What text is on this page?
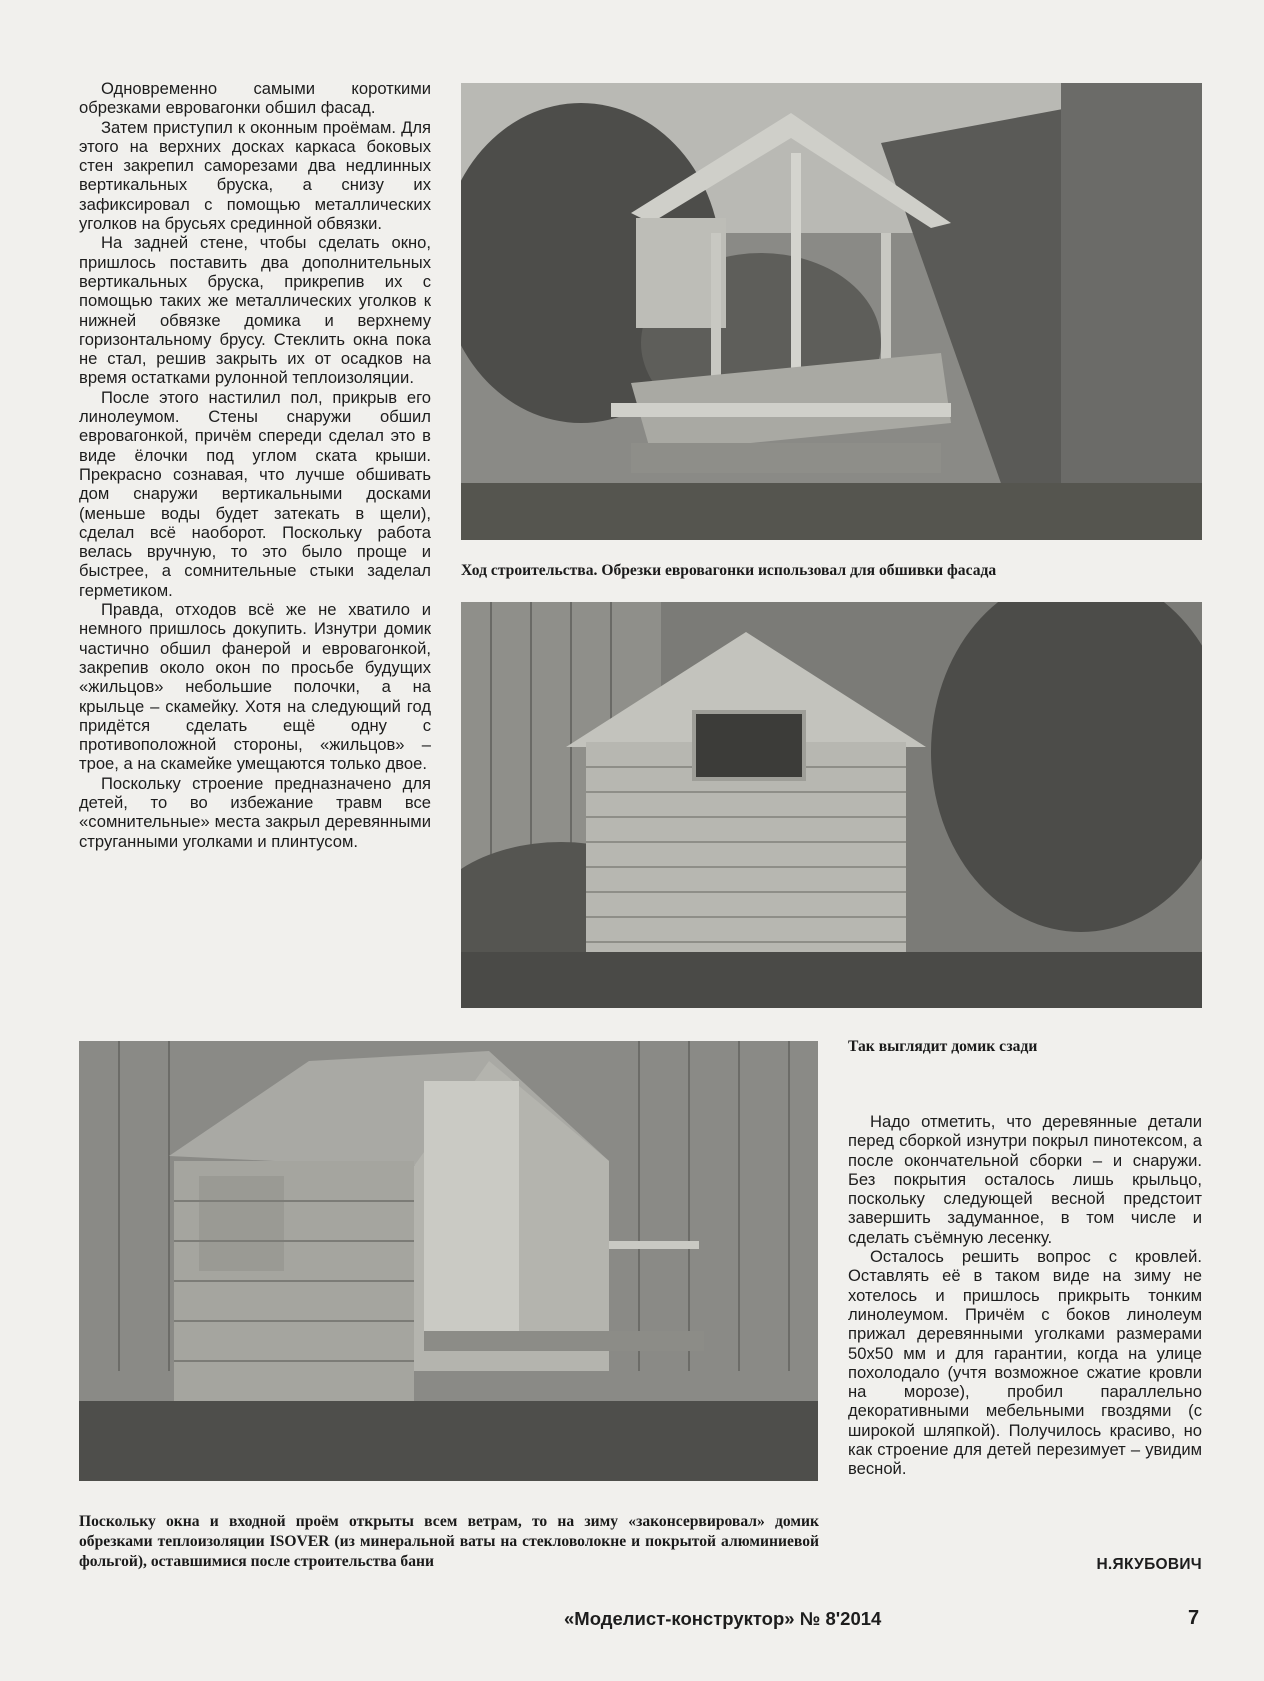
Одновременно самыми короткими обрезками евровагонки обшил фасад.

Затем приступил к оконным проёмам. Для этого на верхних досках каркаса боковых стен закрепил саморезами два недлинных вертикальных бруска, а снизу их зафиксировал с помощью металлических уголков на брусьях срединной обвязки.

На задней стене, чтобы сделать окно, пришлось поставить два дополнительных вертикальных бруска, прикрепив их с помощью таких же металлических уголков к нижней обвязке домика и верхнему горизонтальному брусу. Стеклить окна пока не стал, решив закрыть их от осадков на время остатками рулонной теплоизоляции.

После этого настилил пол, прикрыв его линолеумом. Стены снаружи обшил евровагонкой, причём спереди сделал это в виде ёлочки под углом ската крыши. Прекрасно сознавая, что лучше обшивать дом снаружи вертикальными досками (меньше воды будет затекать в щели), сделал всё наоборот. Поскольку работа велась вручную, то это было проще и быстрее, а сомнительные стыки заделал герметиком.

Правда, отходов всё же не хватило и немного пришлось докупить. Изнутри домик частично обшил фанерой и евровагонкой, закрепив около окон по просьбе будущих «жильцов» небольшие полочки, а на крыльце – скамейку. Хотя на следующий год придётся сделать ещё одну с противоположной стороны, «жильцов» – трое, а на скамейке умещаются только двое.

Поскольку строение предназначено для детей, то во избежание травм все «сомнительные» места закрыл деревянными струганными уголками и плинтусом.

Ход строительства. Обрезки евровагонки использовал для обшивки фасада
Так выглядит домик сзади
Поскольку окна и входной проём открыты всем ветрам, то на зиму «законсервировал» домик обрезками теплоизоляции ISOVER (из минеральной ваты на стекловолокне и покрытой алюминиевой фольгой), оставшимися после строительства бани

Надо отметить, что деревянные детали перед сборкой изнутри покрыл пинотексом, а после окончательной сборки – и снаружи. Без покрытия осталось лишь крыльцо, поскольку следующей весной предстоит завершить задуманное, в том числе и сделать съёмную лесенку.

Осталось решить вопрос с кровлей. Оставлять её в таком виде на зиму не хотелось и пришлось прикрыть тонким линолеумом. Причём с боков линолеум прижал деревянными уголками размерами 50х50 мм и для гарантии, когда на улице похолодало (учтя возможное сжатие кровли на морозе), пробил параллельно декоративными мебельными гвоздями (с широкой шляпкой). Получилось красиво, но как строение для детей перезимует – увидим весной.

Н.ЯКУБОВИЧ
«Моделист-конструктор» № 8'2014	7
